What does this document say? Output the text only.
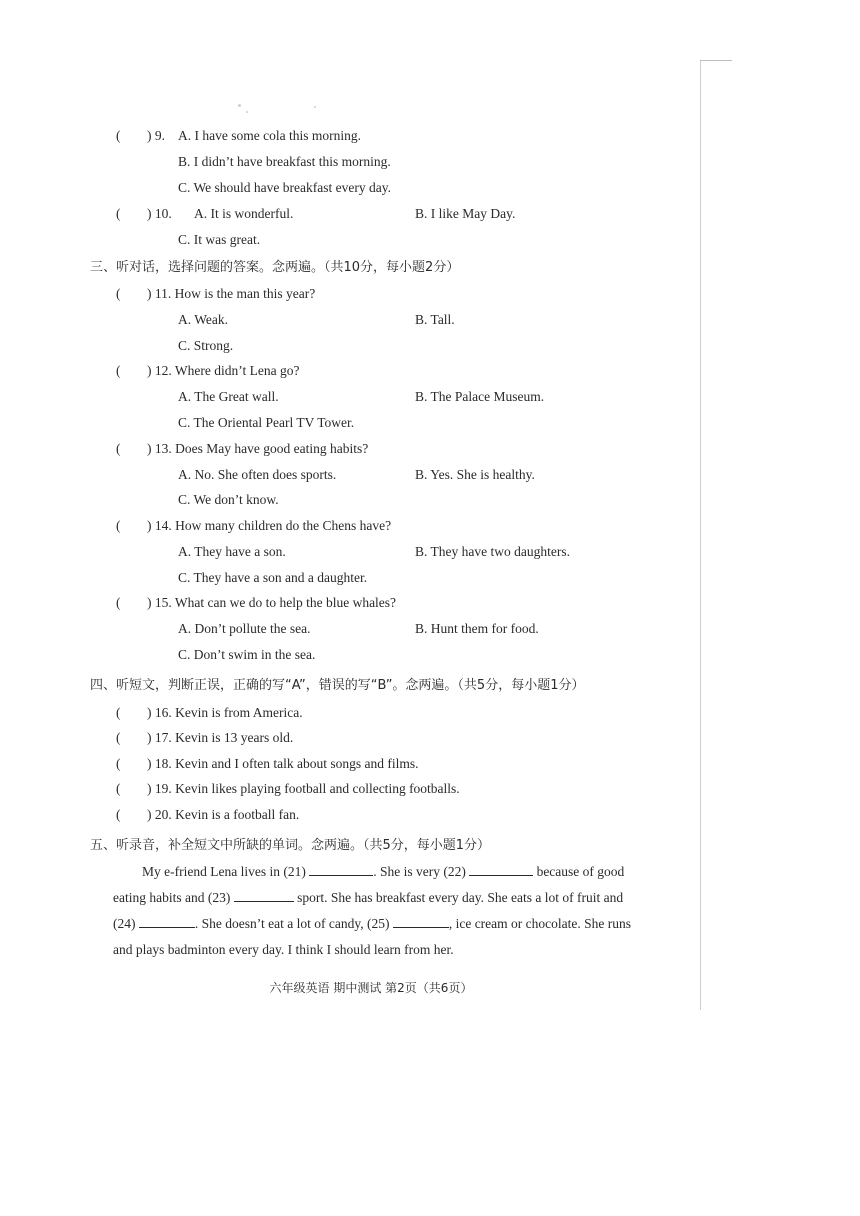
( ) 9. A. I have some cola this morning.
B. I didn’t have breakfast this morning.
C. We should have breakfast every day.
( ) 10. A. It is wonderful.	B. I like May Day.
C. It was great.
三、听对话，选择问题的答案。念两遍。（共10分，每小题2分）
( ) 11. How is the man this year?
A. Weak.	B. Tall.
C. Strong.
( ) 12. Where didn’t Lena go?
A. The Great wall.	B. The Palace Museum.
C. The Oriental Pearl TV Tower.
( ) 13. Does May have good eating habits?
A. No. She often does sports.	B. Yes. She is healthy.
C. We don’t know.
( ) 14. How many children do the Chens have?
A. They have a son.	B. They have two daughters.
C. They have a son and a daughter.
( ) 15. What can we do to help the blue whales?
A. Don’t pollute the sea.	B. Hunt them for food.
C. Don’t swim in the sea.
四、听短文，判断正误，正确的写“A”，错误的写“B”。念两遍。（共5分，每小题1分）
( ) 16. Kevin is from America.
( ) 17. Kevin is 13 years old.
( ) 18. Kevin and I often talk about songs and films.
( ) 19. Kevin likes playing football and collecting footballs.
( ) 20. Kevin is a football fan.
五、听录音，补全短文中所缺的单词。念两遍。（共5分，每小题1分）
My e-friend Lena lives in (21)	. She is very (22)	because of good
eating habits and (23)	sport. She has breakfast every day. She eats a lot of fruit and
(24)	. She doesn’t eat a lot of candy, (25)	, ice cream or chocolate. She runs
and plays badminton every day. I think I should learn from her.
六年级英语 期中测试 第2页（共6页）
